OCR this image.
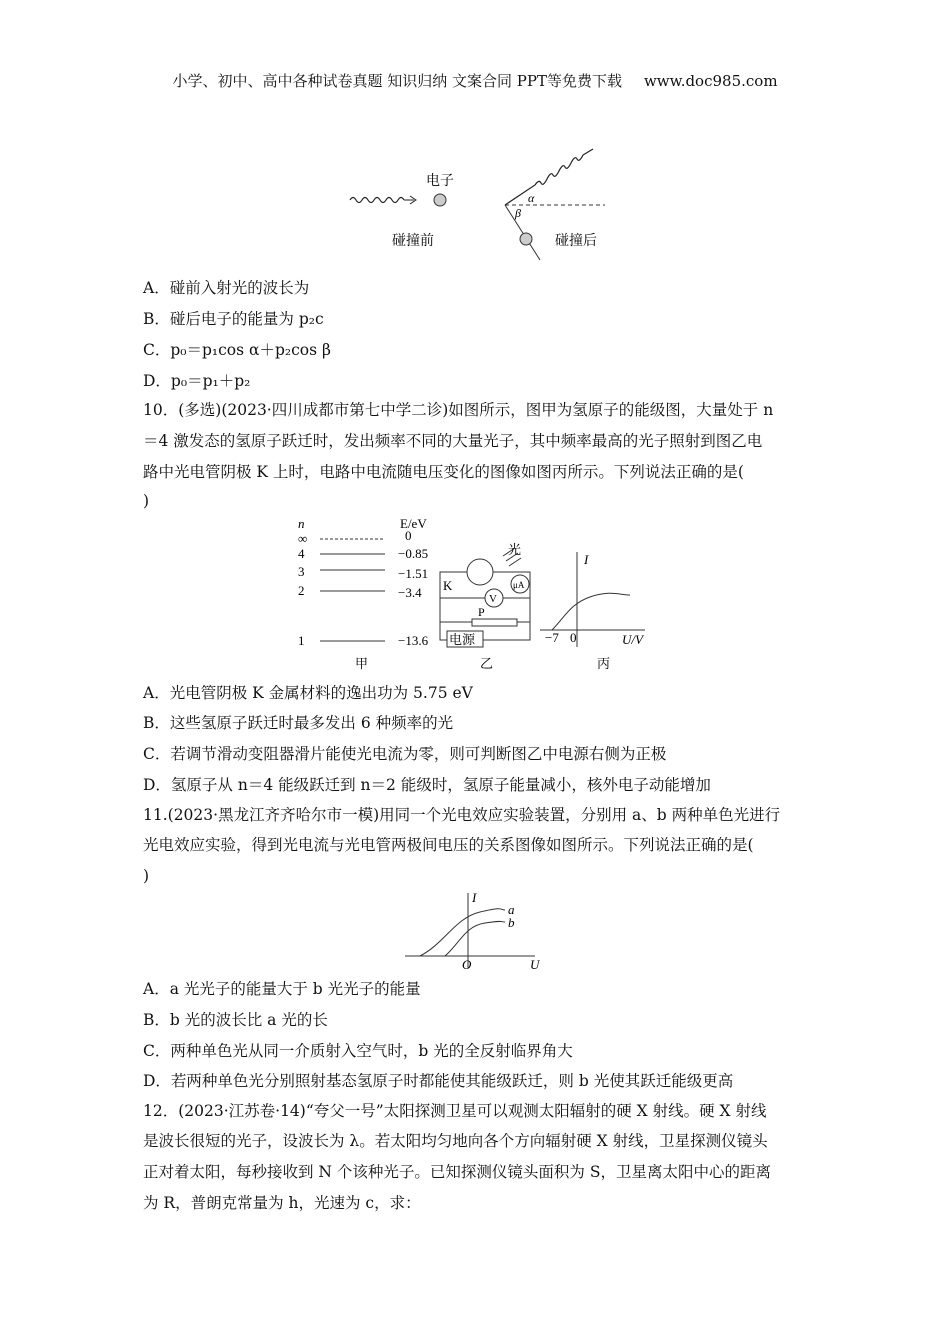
小学、初中、高中各种试卷真题 知识归纳 文案合同 PPT等免费下载 www.doc985.com
电子
碰撞前
α
β
碰撞后
A．碰前入射光的波长为
B．碰后电子的能量为 p₂c
C．p₀＝p₁cos α＋p₂cos β
D．p₀＝p₁＋p₂
10．(多选)(2023·四川成都市第七中学二诊)如图所示，图甲为氢原子的能级图，大量处于 n
＝4 激发态的氢原子跃迁时，发出频率不同的大量光子，其中频率最高的光子照射到图乙电
路中光电管阴极 K 上时，电路中电流随电压变化的图像如图丙所示。下列说法正确的是(
)
n	E/eV
∞	0
4	−0.85
3	−1.51
2	−3.4
1	−13.6
甲
光
K	μA
V
P
电源
乙
I
−7 0	U/V
丙
A．光电管阴极 K 金属材料的逸出功为 5.75 eV
B．这些氢原子跃迁时最多发出 6 种频率的光
C．若调节滑动变阻器滑片能使光电流为零，则可判断图乙中电源右侧为正极
D．氢原子从 n＝4 能级跃迁到 n＝2 能级时，氢原子能量减小，核外电子动能增加
11.(2023·黑龙江齐齐哈尔市一模)用同一个光电效应实验装置，分别用 a、b 两种单色光进行
光电效应实验，得到光电流与光电管两极间电压的关系图像如图所示。下列说法正确的是(
)
I
a
b
O	U
A．a 光光子的能量大于 b 光光子的能量
B．b 光的波长比 a 光的长
C．两种单色光从同一介质射入空气时，b 光的全反射临界角大
D．若两种单色光分别照射基态氢原子时都能使其能级跃迁，则 b 光使其跃迁能级更高
12．(2023·江苏卷·14)“夸父一号”太阳探测卫星可以观测太阳辐射的硬 X 射线。硬 X 射线
是波长很短的光子，设波长为 λ。若太阳均匀地向各个方向辐射硬 X 射线，卫星探测仪镜头
正对着太阳，每秒接收到 N 个该种光子。已知探测仪镜头面积为 S，卫星离太阳中心的距离
为 R，普朗克常量为 h，光速为 c，求：
